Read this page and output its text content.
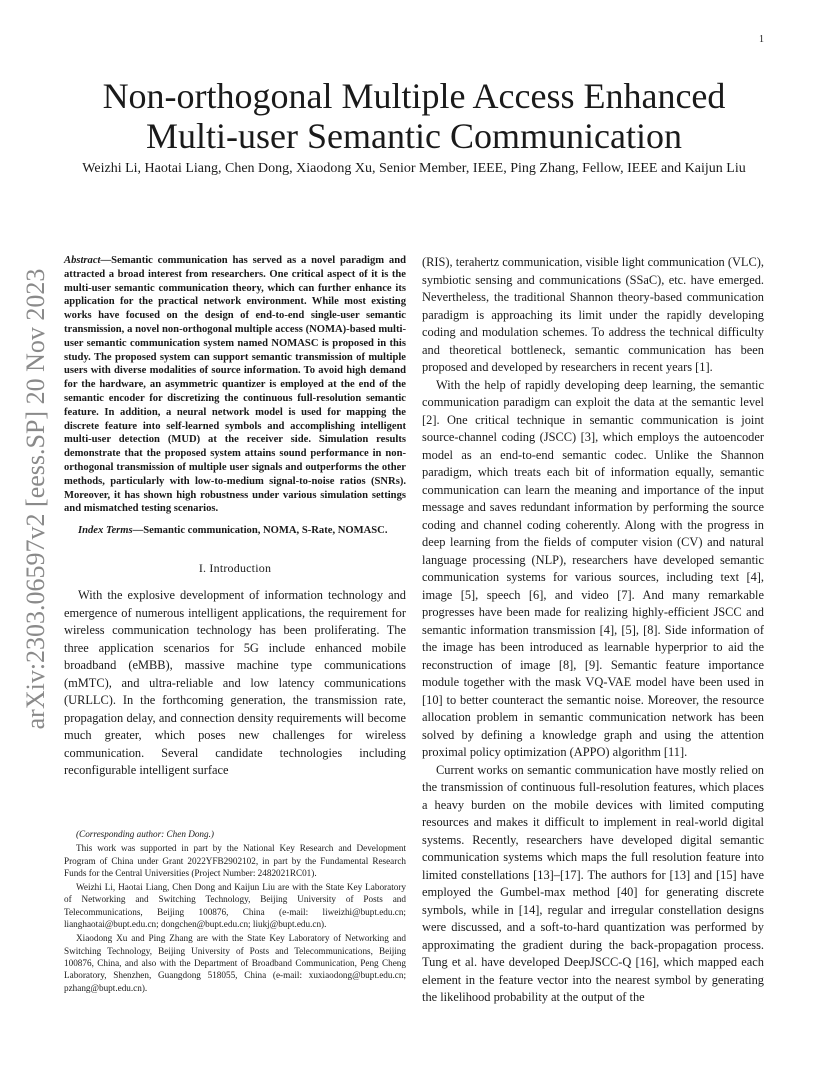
1
arXiv:2303.06597v2 [eess.SP] 20 Nov 2023
Non-orthogonal Multiple Access Enhanced Multi-user Semantic Communication
Weizhi Li, Haotai Liang, Chen Dong, Xiaodong Xu, Senior Member, IEEE, Ping Zhang, Fellow, IEEE and Kaijun Liu

Abstract—Semantic communication has served as a novel paradigm and attracted a broad interest from researchers. One critical aspect of it is the multi-user semantic communication theory, which can further enhance its application for the practical network environment. While most existing works have focused on the design of end-to-end single-user semantic transmission, a novel non-orthogonal multiple access (NOMA)-based multi-user semantic communication system named NOMASC is proposed in this study. The proposed system can support semantic transmission of multiple users with diverse modalities of source information. To avoid high demand for the hardware, an asymmetric quantizer is employed at the end of the semantic encoder for discretizing the continuous full-resolution semantic feature. In addition, a neural network model is used for mapping the discrete feature into self-learned symbols and accomplishing intelligent multi-user detection (MUD) at the receiver side. Simulation results demonstrate that the proposed system attains sound performance in non-orthogonal transmission of multiple user signals and outperforms the other methods, particularly with low-to-medium signal-to-noise ratios (SNRs). Moreover, it has shown high robustness under various simulation settings and mismatched testing scenarios.

Index Terms—Semantic communication, NOMA, S-Rate, NOMASC.

I. Introduction

With the explosive development of information technology and emergence of numerous intelligent applications, the requirement for wireless communication technology has been proliferating. The three application scenarios for 5G include enhanced mobile broadband (eMBB), massive machine type communications (mMTC), and ultra-reliable and low latency communications (URLLC). In the forthcoming generation, the transmission rate, propagation delay, and connection density requirements will become much greater, which poses new challenges for wireless communication. Several candidate technologies including reconfigurable intelligent surface

(Corresponding author: Chen Dong.)

This work was supported in part by the National Key Research and Development Program of China under Grant 2022YFB2902102, in part by the Fundamental Research Funds for the Central Universities (Project Number: 2482021RC01).

Weizhi Li, Haotai Liang, Chen Dong and Kaijun Liu are with the State Key Laboratory of Networking and Switching Technology, Beijing University of Posts and Telecommunications, Beijing 100876, China (e-mail: liweizhi@bupt.edu.cn; lianghaotai@bupt.edu.cn; dongchen@bupt.edu.cn; liukj@bupt.edu.cn).

Xiaodong Xu and Ping Zhang are with the State Key Laboratory of Networking and Switching Technology, Beijing University of Posts and Telecommunications, Beijing 100876, China, and also with the Department of Broadband Communication, Peng Cheng Laboratory, Shenzhen, Guangdong 518055, China (e-mail: xuxiaodong@bupt.edu.cn; pzhang@bupt.edu.cn).

(RIS), terahertz communication, visible light communication (VLC), symbiotic sensing and communications (SSaC), etc. have emerged. Nevertheless, the traditional Shannon theory-based communication paradigm is approaching its limit under the rapidly developing coding and modulation schemes. To address the technical difficulty and theoretical bottleneck, semantic communication has been proposed and developed by researchers in recent years [1].

With the help of rapidly developing deep learning, the semantic communication paradigm can exploit the data at the semantic level [2]. One critical technique in semantic communication is joint source-channel coding (JSCC) [3], which employs the autoencoder model as an end-to-end semantic codec. Unlike the Shannon paradigm, which treats each bit of information equally, semantic communication can learn the meaning and importance of the input message and saves redundant information by performing the source coding and channel coding coherently. Along with the progress in deep learning from the fields of computer vision (CV) and natural language processing (NLP), researchers have developed semantic communication systems for various sources, including text [4], image [5], speech [6], and video [7]. And many remarkable progresses have been made for realizing highly-efficient JSCC and semantic information transmission [4], [5], [8]. Side information of the image has been introduced as learnable hyperprior to aid the reconstruction of image [8], [9]. Semantic feature importance module together with the mask VQ-VAE model have been used in [10] to better counteract the semantic noise. Moreover, the resource allocation problem in semantic communication network has been solved by defining a knowledge graph and using the attention proximal policy optimization (APPO) algorithm [11].

Current works on semantic communication have mostly relied on the transmission of continuous full-resolution features, which places a heavy burden on the mobile devices with limited computing resources and makes it difficult to implement in real-world digital systems. Recently, researchers have developed digital semantic communication systems which maps the full resolution feature into limited constellations [13]–[17]. The authors for [13] and [15] have employed the Gumbel-max method [40] for generating discrete symbols, while in [14], regular and irregular constellation designs were discussed, and a soft-to-hard quantization was performed by approximating the gradient during the back-propagation process. Tung et al. have developed DeepJSCC-Q [16], which mapped each element in the feature vector into the nearest symbol by generating the likelihood probability at the output of the
